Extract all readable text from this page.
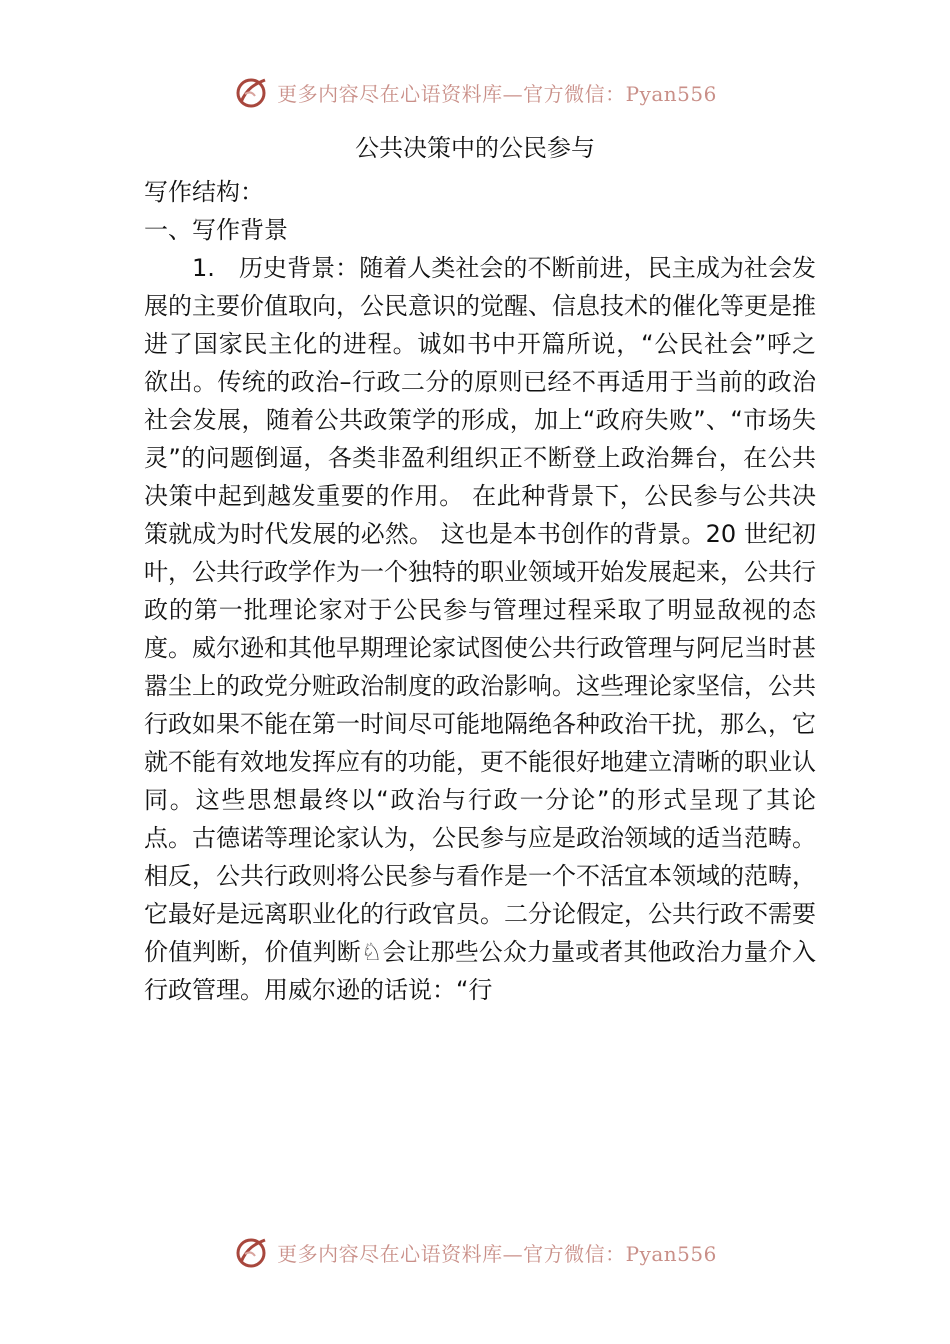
更多内容尽在心语资料库—官方微信：Pyan556
公共决策中的公民参与

写作结构：

一、写作背景

1.　历史背景：随着人类社会的不断前进，民主成为社会发展的主要价值取向，公民意识的觉醒、信息技术的催化等更是推进了国家民主化的进程。诚如书中开篇所说，“公民社会”呼之欲出。传统的政治–行政二分的原则已经不再适用于当前的政治社会发展，随着公共政策学的形成，加上“政府失败”、“市场失灵”的问题倒逼，各类非盈利组织正不断登上政治舞台，在公共决策中起到越发重要的作用。 在此种背景下，公民参与公共决策就成为时代发展的必然。 这也是本书创作的背景。20 世纪初叶，公共行政学作为一个独特的职业领域开始发展起来，公共行政的第一批理论家对于公民参与管理过程采取了明显敌视的态度。威尔逊和其他早期理论家试图使公共行政管理与阿尼当时甚嚣尘上的政党分赃政治制度的政治影响。这些理论家坚信，公共行政如果不能在第一时间尽可能地隔绝各种政治干扰，那么，它就不能有效地发挥应有的功能，更不能很好地建立清晰的职业认同。这些思想最终以“政治与行政一分论”的形式呈现了其论点。古德诺等理论家认为，公民参与应是政治领域的适当范畴。相反，公共行政则将公民参与看作是一个不活宜本领域的范畴，它最好是远离职业化的行政官员。二分论假定，公共行政不需要价值判断，价值判断♘会让那些公众力量或者其他政治力量介入行政管理。用威尔逊的话说：“行

更多内容尽在心语资料库—官方微信：Pyan556
